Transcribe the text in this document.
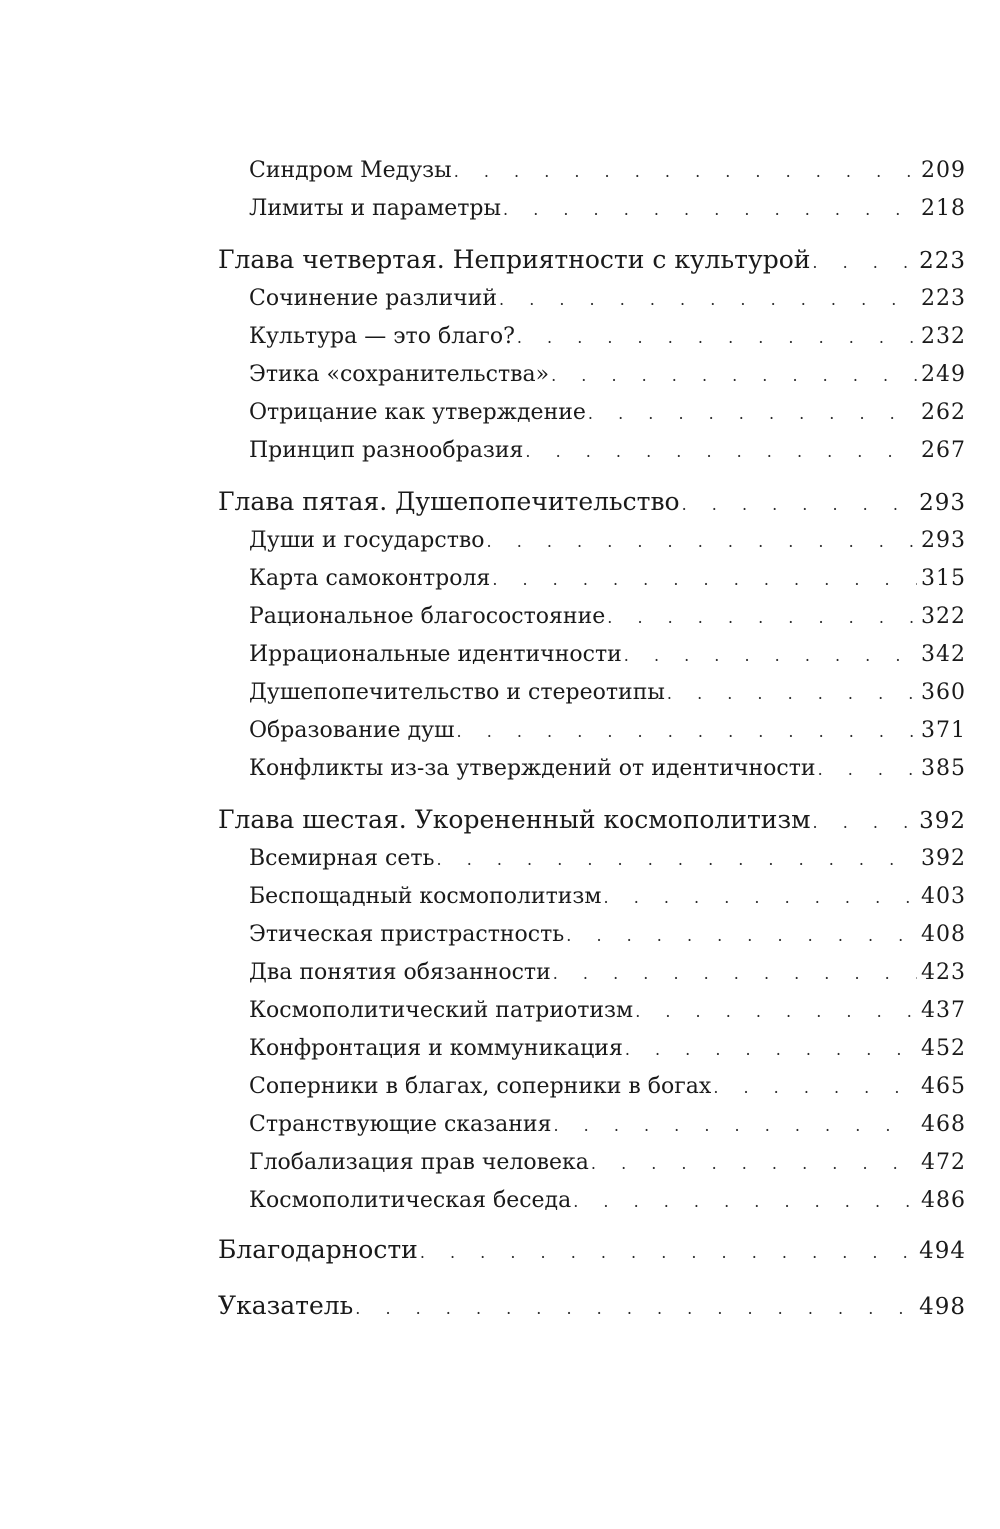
Синдром Медузы . . .	209
Лимиты и параметры . . .	218
Глава четвертая. Неприятности с культурой . . .	223
Сочинение различий . . .	223
Культура — это благо? . . .	232
Этика «сохранительства» . . .	249
Отрицание как утверждение . . .	262
Принцип разнообразия . . .	267
Глава пятая. Душепопечительство . . .	293
Души и государство . . .	293
Карта самоконтроля . . .	315
Рациональное благосостояние . . .	322
Иррациональные идентичности . . .	342
Душепопечительство и стереотипы . . .	360
Образование душ . . .	371
Конфликты из-за утверждений от идентичности . . .	385
Глава шестая. Укорененный космополитизм . . .	392
Всемирная сеть . . .	392
Беспощадный космополитизм . . .	403
Этическая пристрастность . . .	408
Два понятия обязанности . . .	423
Космополитический патриотизм . . .	437
Конфронтация и коммуникация . . .	452
Соперники в благах, соперники в богах . . .	465
Странствующие сказания . . .	468
Глобализация прав человека . . .	472
Космополитическая беседа . . .	486
Благодарности . . .	494
Указатель . . .	498
